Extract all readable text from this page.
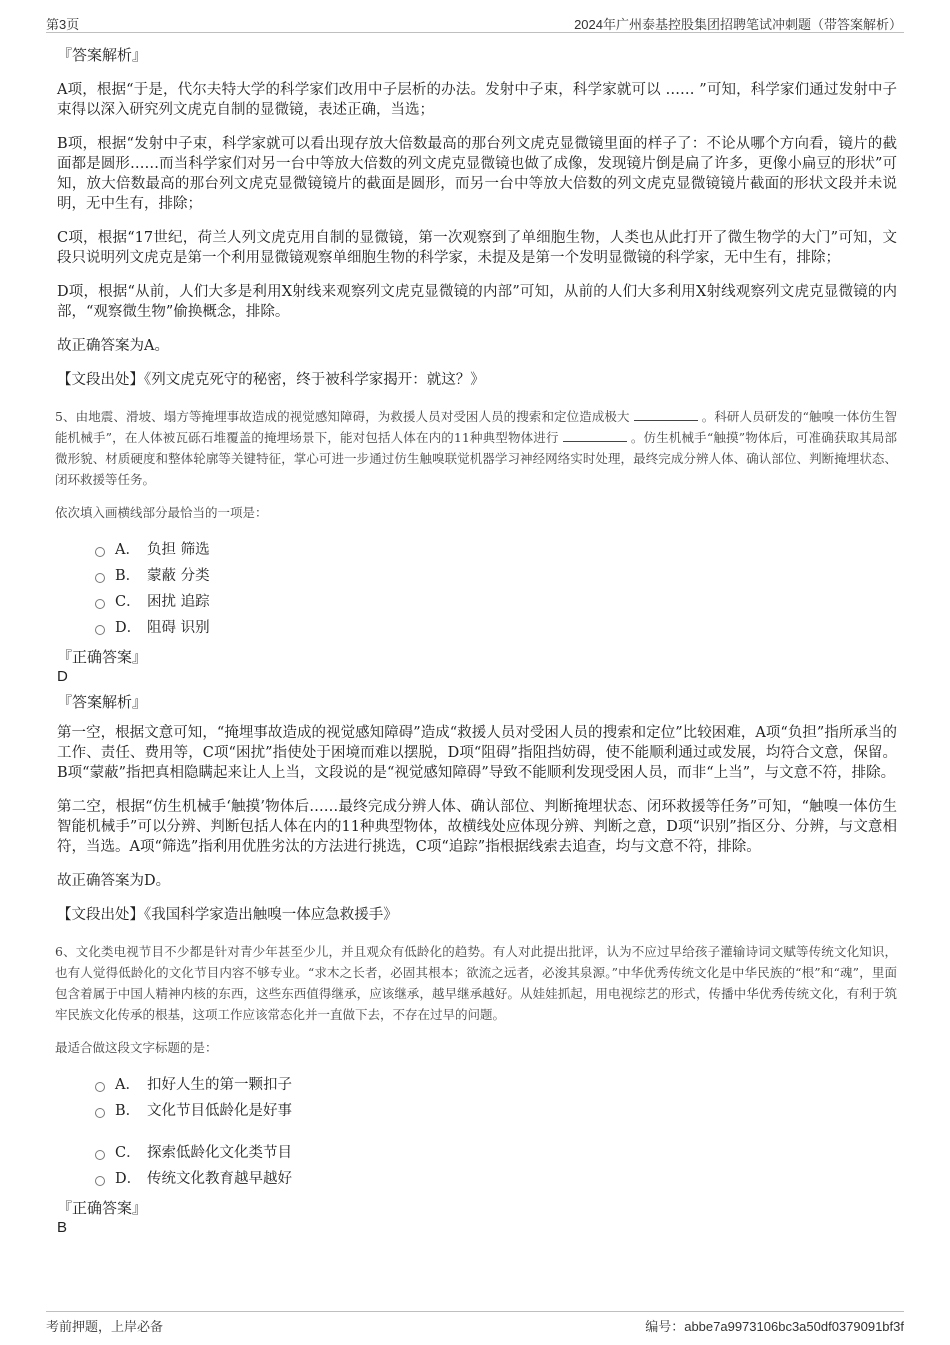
第3页	2024年广州泰基控股集团招聘笔试冲刺题（带答案解析）
『答案解析』
A项，根据“于是，代尔夫特大学的科学家们改用中子层析的办法。发射中子束，科学家就可以 …… ”可知，科学家们通过发射中子束得以深入研究列文虎克自制的显微镜，表述正确，当选；
B项，根据“发射中子束，科学家就可以看出现存放大倍数最高的那台列文虎克显微镜里面的样子了：不论从哪个方向看，镜片的截面都是圆形……而当科学家们对另一台中等放大倍数的列文虎克显微镜也做了成像，发现镜片倒是扁了许多，更像小扁豆的形状”可知，放大倍数最高的那台列文虎克显微镜镜片的截面是圆形，而另一台中等放大倍数的列文虎克显微镜镜片截面的形状文段并未说明，无中生有，排除；
C项，根据“17世纪，荷兰人列文虎克用自制的显微镜，第一次观察到了单细胞生物，人类也从此打开了微生物学的大门”可知，文段只说明列文虎克是第一个利用显微镜观察单细胞生物的科学家，未提及是第一个发明显微镜的科学家，无中生有，排除；
D项，根据“从前，人们大多是利用X射线来观察列文虎克显微镜的内部”可知，从前的人们大多利用X射线观察列文虎克显微镜的内部，“观察微生物”偷换概念，排除。
故正确答案为A。
【文段出处】《列文虎克死守的秘密，终于被科学家揭开：就这？》
5、由地震、滑坡、塌方等掩埋事故造成的视觉感知障碍，为救援人员对受困人员的搜索和定位造成极大	。科研人员研发的“触嗅一体仿生智能机械手”，在人体被瓦砾石堆覆盖的掩埋场景下，能对包括人体在内的11种典型物体进行	。仿生机械手“触摸”物体后，可准确获取其局部微形貌、材质硬度和整体轮廓等关键特征，掌心可进一步通过仿生触嗅联觉机器学习神经网络实时处理，最终完成分辨人体、确认部位、判断掩埋状态、闭环救援等任务。
依次填入画横线部分最恰当的一项是：
A． 负担 筛选
B． 蒙蔽 分类
C． 困扰 追踪
D． 阻碍 识别
『正确答案』
D
『答案解析』
第一空，根据文意可知，“掩埋事故造成的视觉感知障碍”造成“救援人员对受困人员的搜索和定位”比较困难，A项“负担”指所承当的工作、责任、费用等，C项“困扰”指使处于困境而难以摆脱，D项“阻碍”指阻挡妨碍，使不能顺利通过或发展，均符合文意，保留。B项“蒙蔽”指把真相隐瞒起来让人上当，文段说的是“视觉感知障碍”导致不能顺利发现受困人员，而非“上当”，与文意不符，排除。
第二空，根据“仿生机械手‘触摸’物体后……最终完成分辨人体、确认部位、判断掩埋状态、闭环救援等任务”可知，“触嗅一体仿生智能机械手”可以分辨、判断包括人体在内的11种典型物体，故横线处应体现分辨、判断之意，D项“识别”指区分、分辨，与文意相符，当选。A项“筛选”指利用优胜劣汰的方法进行挑选，C项“追踪”指根据线索去追查，均与文意不符，排除。
故正确答案为D。
【文段出处】《我国科学家造出触嗅一体应急救援手》
6、文化类电视节目不少都是针对青少年甚至少儿，并且观众有低龄化的趋势。有人对此提出批评，认为不应过早给孩子灌输诗词文赋等传统文化知识，也有人觉得低龄化的文化节目内容不够专业。“求木之长者，必固其根本；欲流之远者，必浚其泉源。”中华优秀传统文化是中华民族的“根”和“魂”，里面包含着属于中国人精神内核的东西，这些东西值得继承，应该继承，越早继承越好。从娃娃抓起，用电视综艺的形式，传播中华优秀传统文化，有利于筑牢民族文化传承的根基，这项工作应该常态化并一直做下去，不存在过早的问题。
最适合做这段文字标题的是：
A． 扣好人生的第一颗扣子
B． 文化节目低龄化是好事
C． 探索低龄化文化类节目
D． 传统文化教育越早越好
『正确答案』
B
考前押题，上岸必备	编号：abbe7a9973106bc3a50df0379091bf3f
